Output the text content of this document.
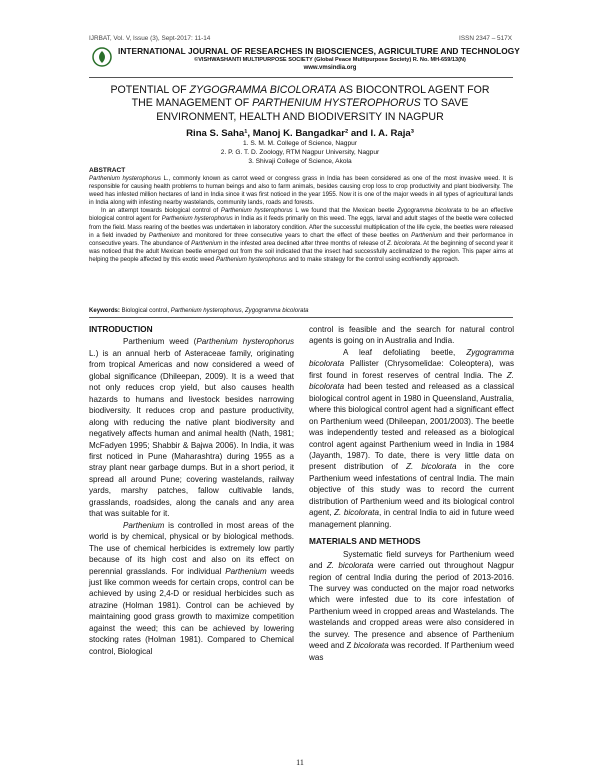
IJRBAT, Vol. V, Issue (3), Sept-2017: 11-14	ISSN 2347 – 517X
INTERNATIONAL JOURNAL OF RESEARCHES IN BIOSCIENCES, AGRICULTURE AND TECHNOLOGY
©VISHWASHANTI MULTIPURPOSE SOCIETY (Global Peace Multipurpose Society) R. No. MH-659/13(N)
www.vmsindia.org
POTENTIAL OF ZYGOGRAMMA BICOLORATA AS BIOCONTROL AGENT FOR THE MANAGEMENT OF PARTHENIUM HYSTEROPHORUS TO SAVE ENVIRONMENT, HEALTH AND BIODIVERSITY IN NAGPUR
Rina S. Saha¹, Manoj K. Bangadkar² and I. A. Raja³
1. S. M. M. College of Science, Nagpur
2. P. G. T. D. Zoology, RTM Nagpur University, Nagpur
3. Shivaji College of Science, Akola
ABSTRACT
Parthenium hysterophorus L., commonly known as carrot weed or congress grass in India has been considered as one of the most invasive weed. It is responsible for causing health problems to human beings and also to farm animals, besides causing crop loss to crop productivity and plant biodiversity. The weed has infested million hectares of land in India since it was first noticed in the year 1955. Now it is one of the major weeds in all types of agricultural lands in India along with infesting nearby wastelands, community lands, roads and forests.
In an attempt towards biological control of Parthenium hysterophorus L we found that the Mexican beetle Zygogramma bicolorata to be an effective biological control agent for Parthenium hysterophorus in India as it feeds primarily on this weed. The eggs, larval and adult stages of the beetle were collected from the field. Mass rearing of the beetles was undertaken in laboratory condition. After the successful multiplication of the life cycle, the beetles were released in a field invaded by Parthenium and monitored for three consecutive years to chart the effect of these beetles on Parthenium and their performance in consecutive years. The abundance of Parthenium in the infested area declined after three months of release of Z. bicolorata. At the beginning of second year it was noticed that the adult Mexican beetle emerged out from the soil indicated that the insect had successfully acclimatized to the region. This paper aims at helping the people affected by this exotic weed Parthenium hysterophorus and to make strategy for the control using ecofriendly approach.
Keywords: Biological control, Parthenium hysterophorus, Zygogramma bicolorata
INTRODUCTION

Parthenium weed (Parthenium hysterophorus L.) is an annual herb of Asteraceae family, originating from tropical Americas and now considered a weed of global significance (Dhileepan, 2009). It is a weed that not only reduces crop yield, but also causes health hazards to humans and livestock besides narrowing biodiversity. It reduces crop and pasture productivity, along with reducing the native plant biodiversity and negatively affects human and animal health (Nath, 1981; McFadyen 1995; Shabbir & Bajwa 2006). In India, it was first noticed in Pune (Maharashtra) during 1955 as a stray plant near garbage dumps. But in a short period, it spread all around Pune; covering wastelands, railway yards, marshy patches, fallow cultivable lands, grasslands, roadsides, along the canals and any area that was suitable for it.

Parthenium is controlled in most areas of the world is by chemical, physical or by biological methods. The use of chemical herbicides is extremely low partly because of its high cost and also on its effect on perennial grasslands. For individual Parthenium weeds just like common weeds for certain crops, control can be achieved by using 2,4-D or residual herbicides such as atrazine (Holman 1981). Control can be achieved by maintaining good grass growth to maximize competition against the weed; this can be achieved by lowering stocking rates (Holman 1981). Compared to Chemical control, Biological

control is feasible and the search for natural control agents is going on in Australia and India.

A leaf defoliating beetle, Zygogramma bicolorata Pallister (Chrysomelidae: Coleoptera), was first found in forest reserves of central India. The Z. bicolorata had been tested and released as a classical biological control agent in 1980 in Queensland, Australia, where this biological control agent had a significant effect on Parthenium weed (Dhileepan, 2001/2003). The beetle was independently tested and released as a biological control agent against Parthenium weed in India in 1984 (Jayanth, 1987). To date, there is very little data on present distribution of Z. bicolorata in the core Parthenium weed infestations of central India. The main objective of this study was to record the current distribution of Parthenium weed and its biological control agent, Z. bicolorata, in central India to aid in future weed management planning.

MATERIALS AND METHODS

Systematic field surveys for Parthenium weed and Z. bicolorata were carried out throughout Nagpur region of central India during the period of 2013-2016. The survey was conducted on the major road networks which were infested due to its core infestation of Parthenium weed in cropped areas and Wastelands. The wastelands and cropped areas were also considered in the survey. The presence and absence of Parthenium weed and Z bicolorata was recorded. If Parthenium weed was

11
